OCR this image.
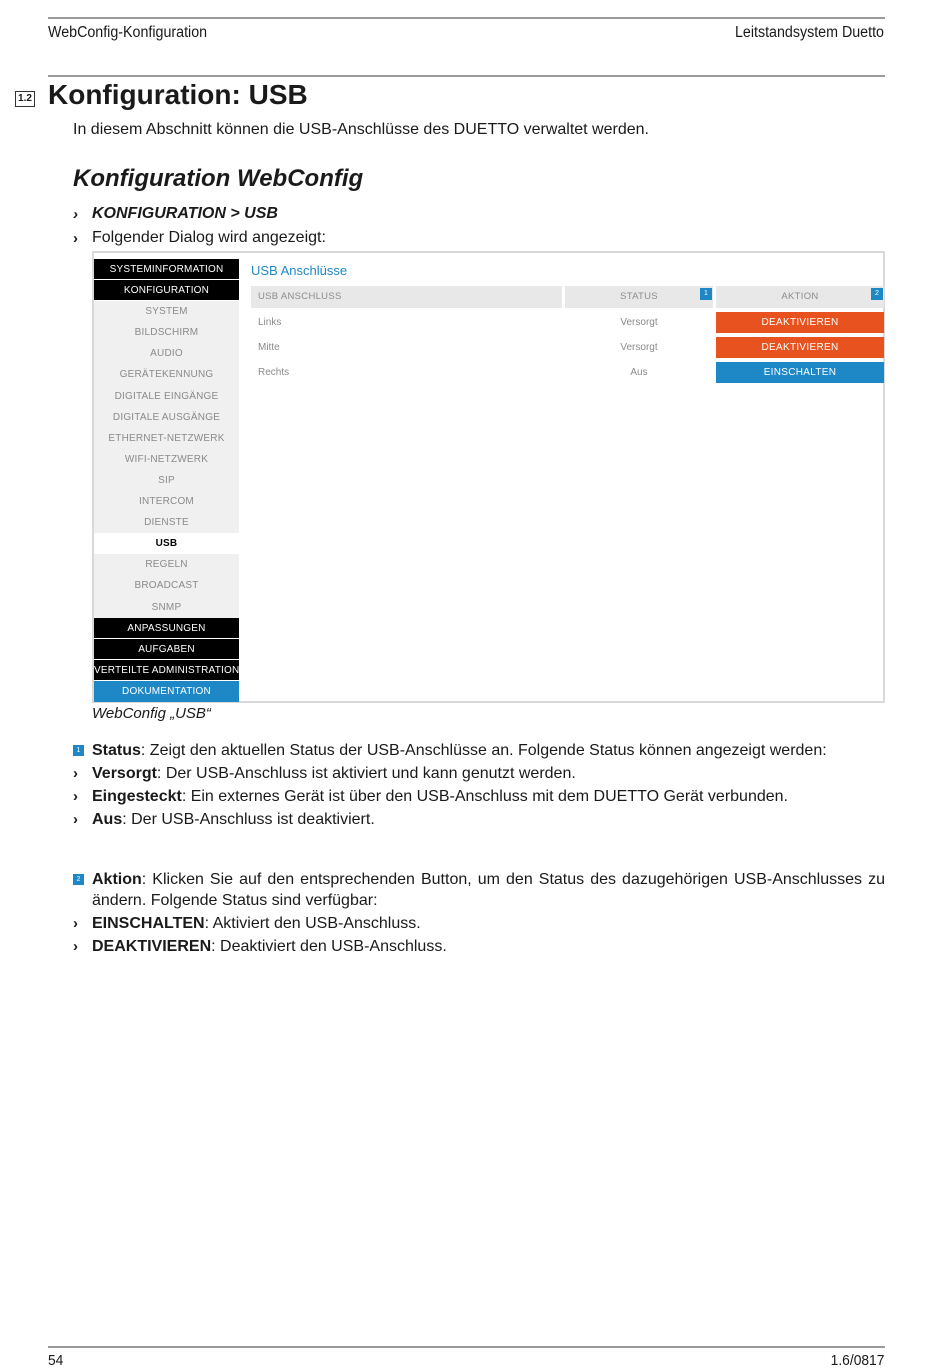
WebConfig-Konfiguration	Leitstandsystem Duetto
1.2 Konfiguration: USB
In diesem Abschnitt können die USB-Anschlüsse des DUETTO verwaltet werden.
Konfiguration WebConfig
› KONFIGURATION > USB
› Folgender Dialog wird angezeigt:
SYSTEMINFORMATION
KONFIGURATION
SYSTEM
BILDSCHIRM
AUDIO
GERÄTEKENNUNG
DIGITALE EINGÄNGE
DIGITALE AUSGÄNGE
ETHERNET-NETZWERK
WIFI-NETZWERK
SIP
INTERCOM
DIENSTE
USB
REGELN
BROADCAST
SNMP
ANPASSUNGEN
AUFGABEN
VERTEILTE ADMINISTRATION
DOKUMENTATION
USB Anschlüsse
USB ANSCHLUSS	STATUS	AKTION
1	2
Links	Versorgt	DEAKTIVIEREN
Mitte	Versorgt	DEAKTIVIEREN
Rechts	Aus	EINSCHALTEN
WebConfig „USB“
1 Status: Zeigt den aktuellen Status der USB-Anschlüsse an. Folgende Status können angezeigt werden:
› Versorgt: Der USB-Anschluss ist aktiviert und kann genutzt werden.
› Eingesteckt: Ein externes Gerät ist über den USB-Anschluss mit dem DUETTO Gerät verbunden.
› Aus: Der USB-Anschluss ist deaktiviert.
2 Aktion: Klicken Sie auf den entsprechenden Button, um den Status des dazugehörigen USB-Anschlusses zu ändern. Folgende Status sind verfügbar:
› EINSCHALTEN: Aktiviert den USB-Anschluss.
› DEAKTIVIEREN: Deaktiviert den USB-Anschluss.
54	1.6/0817
